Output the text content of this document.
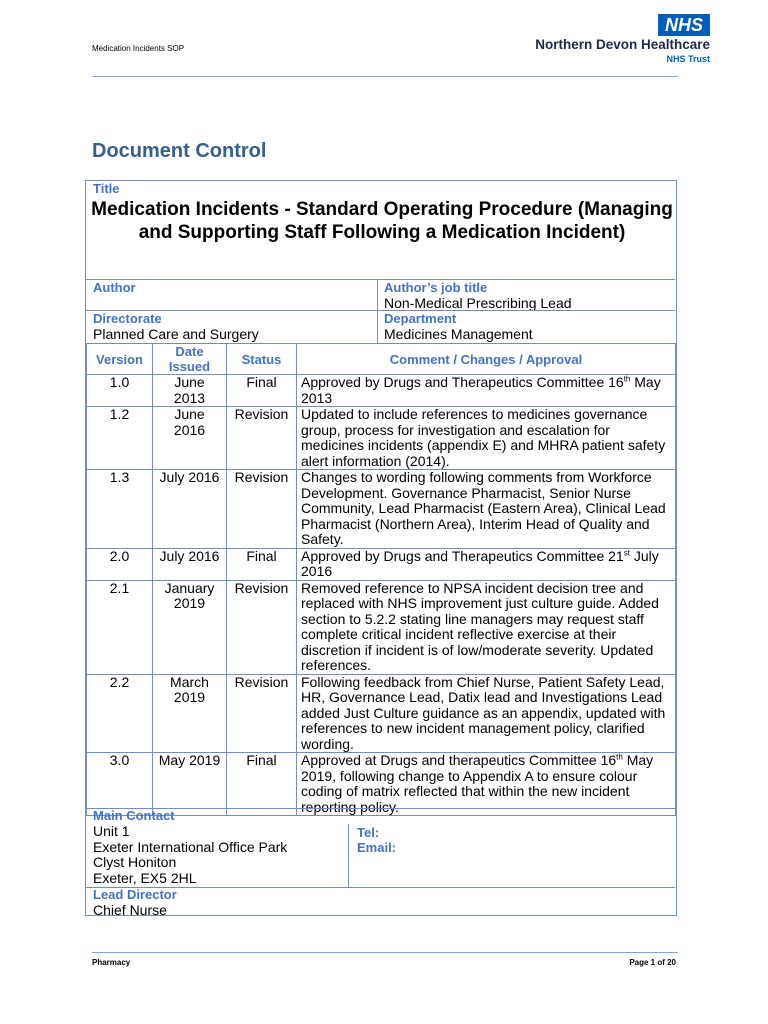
Medication Incidents SOP
NHS
Northern Devon Healthcare
NHS Trust
Document Control
Title
Medication Incidents - Standard Operating Procedure (Managing and Supporting Staff Following a Medication Incident)
Author	Author’s job title
Non-Medical Prescribing Lead
Directorate
Planned Care and Surgery
Department
Medicines Management
Version	Date Issued	Status	Comment / Changes / Approval
1.0	June 2013	Final	Approved by Drugs and Therapeutics Committee 16th May 2013
1.2	June 2016	Revision	Updated to include references to medicines governance group, process for investigation and escalation for medicines incidents (appendix E) and MHRA patient safety alert information (2014).
1.3	July 2016	Revision	Changes to wording following comments from Workforce Development. Governance Pharmacist, Senior Nurse Community, Lead Pharmacist (Eastern Area), Clinical Lead Pharmacist (Northern Area), Interim Head of Quality and Safety.
2.0	July 2016	Final	Approved by Drugs and Therapeutics Committee 21st July 2016
2.1	January 2019	Revision	Removed reference to NPSA incident decision tree and replaced with NHS improvement just culture guide. Added section to 5.2.2 stating line managers may request staff complete critical incident reflective exercise at their discretion if incident is of low/moderate severity. Updated references.
2.2	March 2019	Revision	Following feedback from Chief Nurse, Patient Safety Lead, HR, Governance Lead, Datix lead and Investigations Lead added Just Culture guidance as an appendix, updated with references to new incident management policy, clarified wording.
3.0	May 2019	Final	Approved at Drugs and therapeutics Committee 16th May 2019, following change to Appendix A to ensure colour coding of matrix reflected that within the new incident reporting policy.
Main Contact
Unit 1
Exeter International Office Park
Clyst Honiton
Exeter, EX5 2HL
Tel:
Email:
Lead Director
Chief Nurse
Pharmacy	Page 1 of 20
